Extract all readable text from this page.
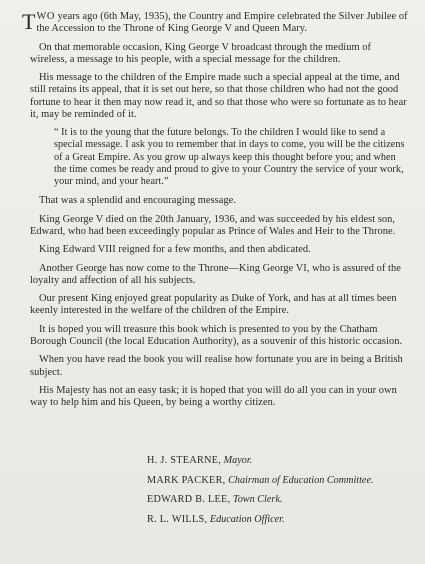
TWO years ago (6th May, 1935), the Country and Empire celebrated the Silver Jubilee of the Accession to the Throne of King George V and Queen Mary.

On that memorable occasion, King George V broadcast through the medium of wireless, a message to his people, with a special message for the children.

His message to the children of the Empire made such a special appeal at the time, and still retains its appeal, that it is set out here, so that those children who had not the good fortune to hear it then may now read it, and so that those who were so fortunate as to hear it, may be reminded of it.

“ It is to the young that the future belongs. To the children I would like to send a special message. I ask you to remember that in days to come, you will be the citizens of a Great Empire. As you grow up always keep this thought before you; and when the time comes be ready and proud to give to your Country the service of your work, your mind, and your heart.”

That was a splendid and encouraging message.

King George V died on the 20th January, 1936, and was succeeded by his eldest son, Edward, who had been exceedingly popular as Prince of Wales and Heir to the Throne.

King Edward VIII reigned for a few months, and then abdicated.

Another George has now come to the Throne—King George VI, who is assured of the loyalty and affection of all his subjects.

Our present King enjoyed great popularity as Duke of York, and has at all times been keenly interested in the welfare of the children of the Empire.

It is hoped you will treasure this book which is presented to you by the Chatham Borough Council (the local Education Authority), as a souvenir of this historic occasion.

When you have read the book you will realise how fortunate you are in being a British subject.

His Majesty has not an easy task; it is hoped that you will do all you can in your own way to help him and his Queen, by being a worthy citizen.

H. J. STEARNE, Mayor.
MARK PACKER, Chairman of Education Committee.
EDWARD B. LEE, Town Clerk.
R. L. WILLS, Education Officer.
